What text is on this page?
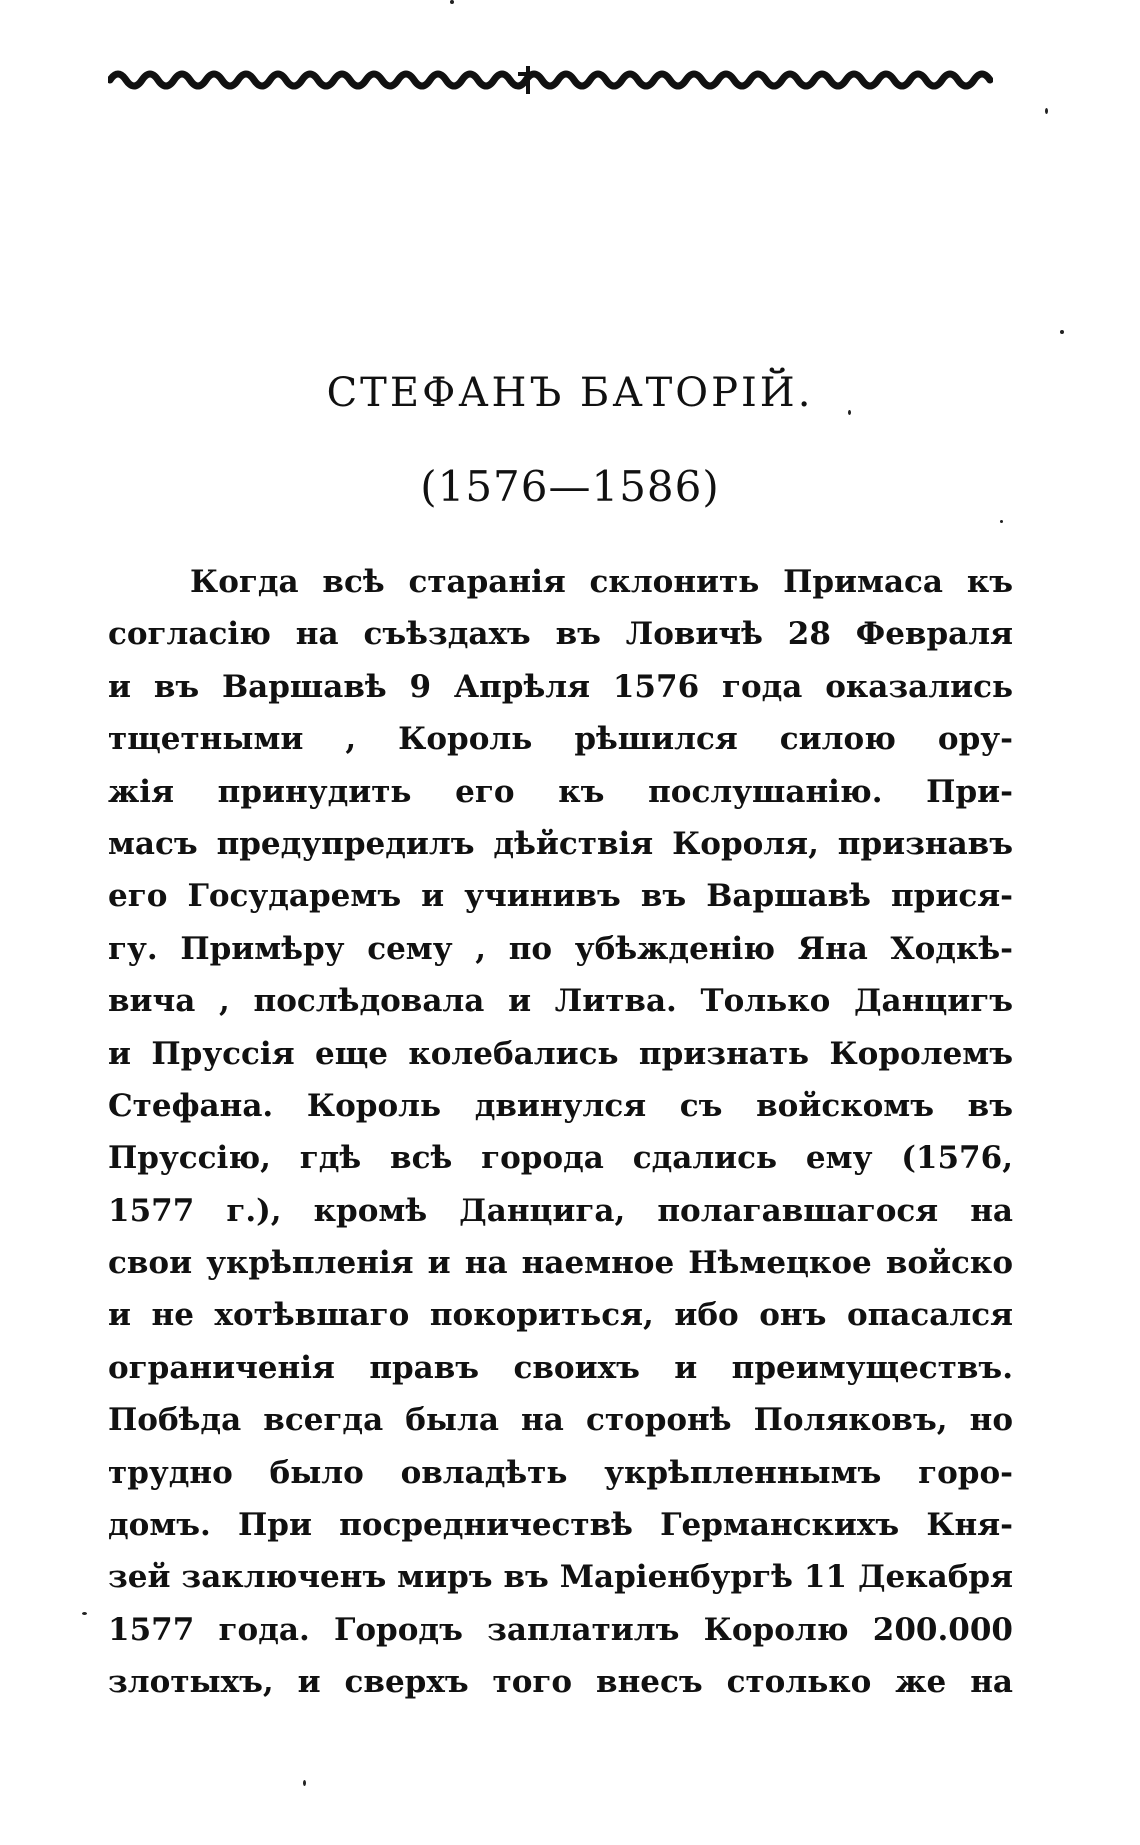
СТЕФАНЪ БАТОРІЙ.
(1576—1586)
Когда всѣ старанія склонить Примаса къ
согласію на съѣздахъ въ Ловичѣ 28 Февраля
и въ Варшавѣ 9 Апрѣля 1576 года оказались
тщетными , Король рѣшился силою ору-
жія принудить его къ послушанію. При-
масъ предупредилъ дѣйствія Короля, признавъ
его Государемъ и учинивъ въ Варшавѣ прися-
гу. Примѣру сему , по убѣжденію Яна Ходкѣ-
вича , послѣдовала и Литва. Только Данцигъ
и Пруссія еще колебались признать Королемъ
Стефана. Король двинулся съ войскомъ въ
Пруссію, гдѣ всѣ города сдались ему (1576,
1577 г.), кромѣ Данцига, полагавшагося на
свои укрѣпленія и на наемное Нѣмецкое войско
и не хотѣвшаго покориться, ибо онъ опасался
ограниченія правъ своихъ и преимуществъ.
Побѣда всегда была на сторонѣ Поляковъ, но
трудно было овладѣть укрѣпленнымъ горо-
домъ. При посредничествѣ Германскихъ Кня-
зей заключенъ миръ въ Маріенбургѣ 11 Декабря
1577 года. Городъ заплатилъ Королю 200.000
злотыхъ, и сверхъ того внесъ столько же на
